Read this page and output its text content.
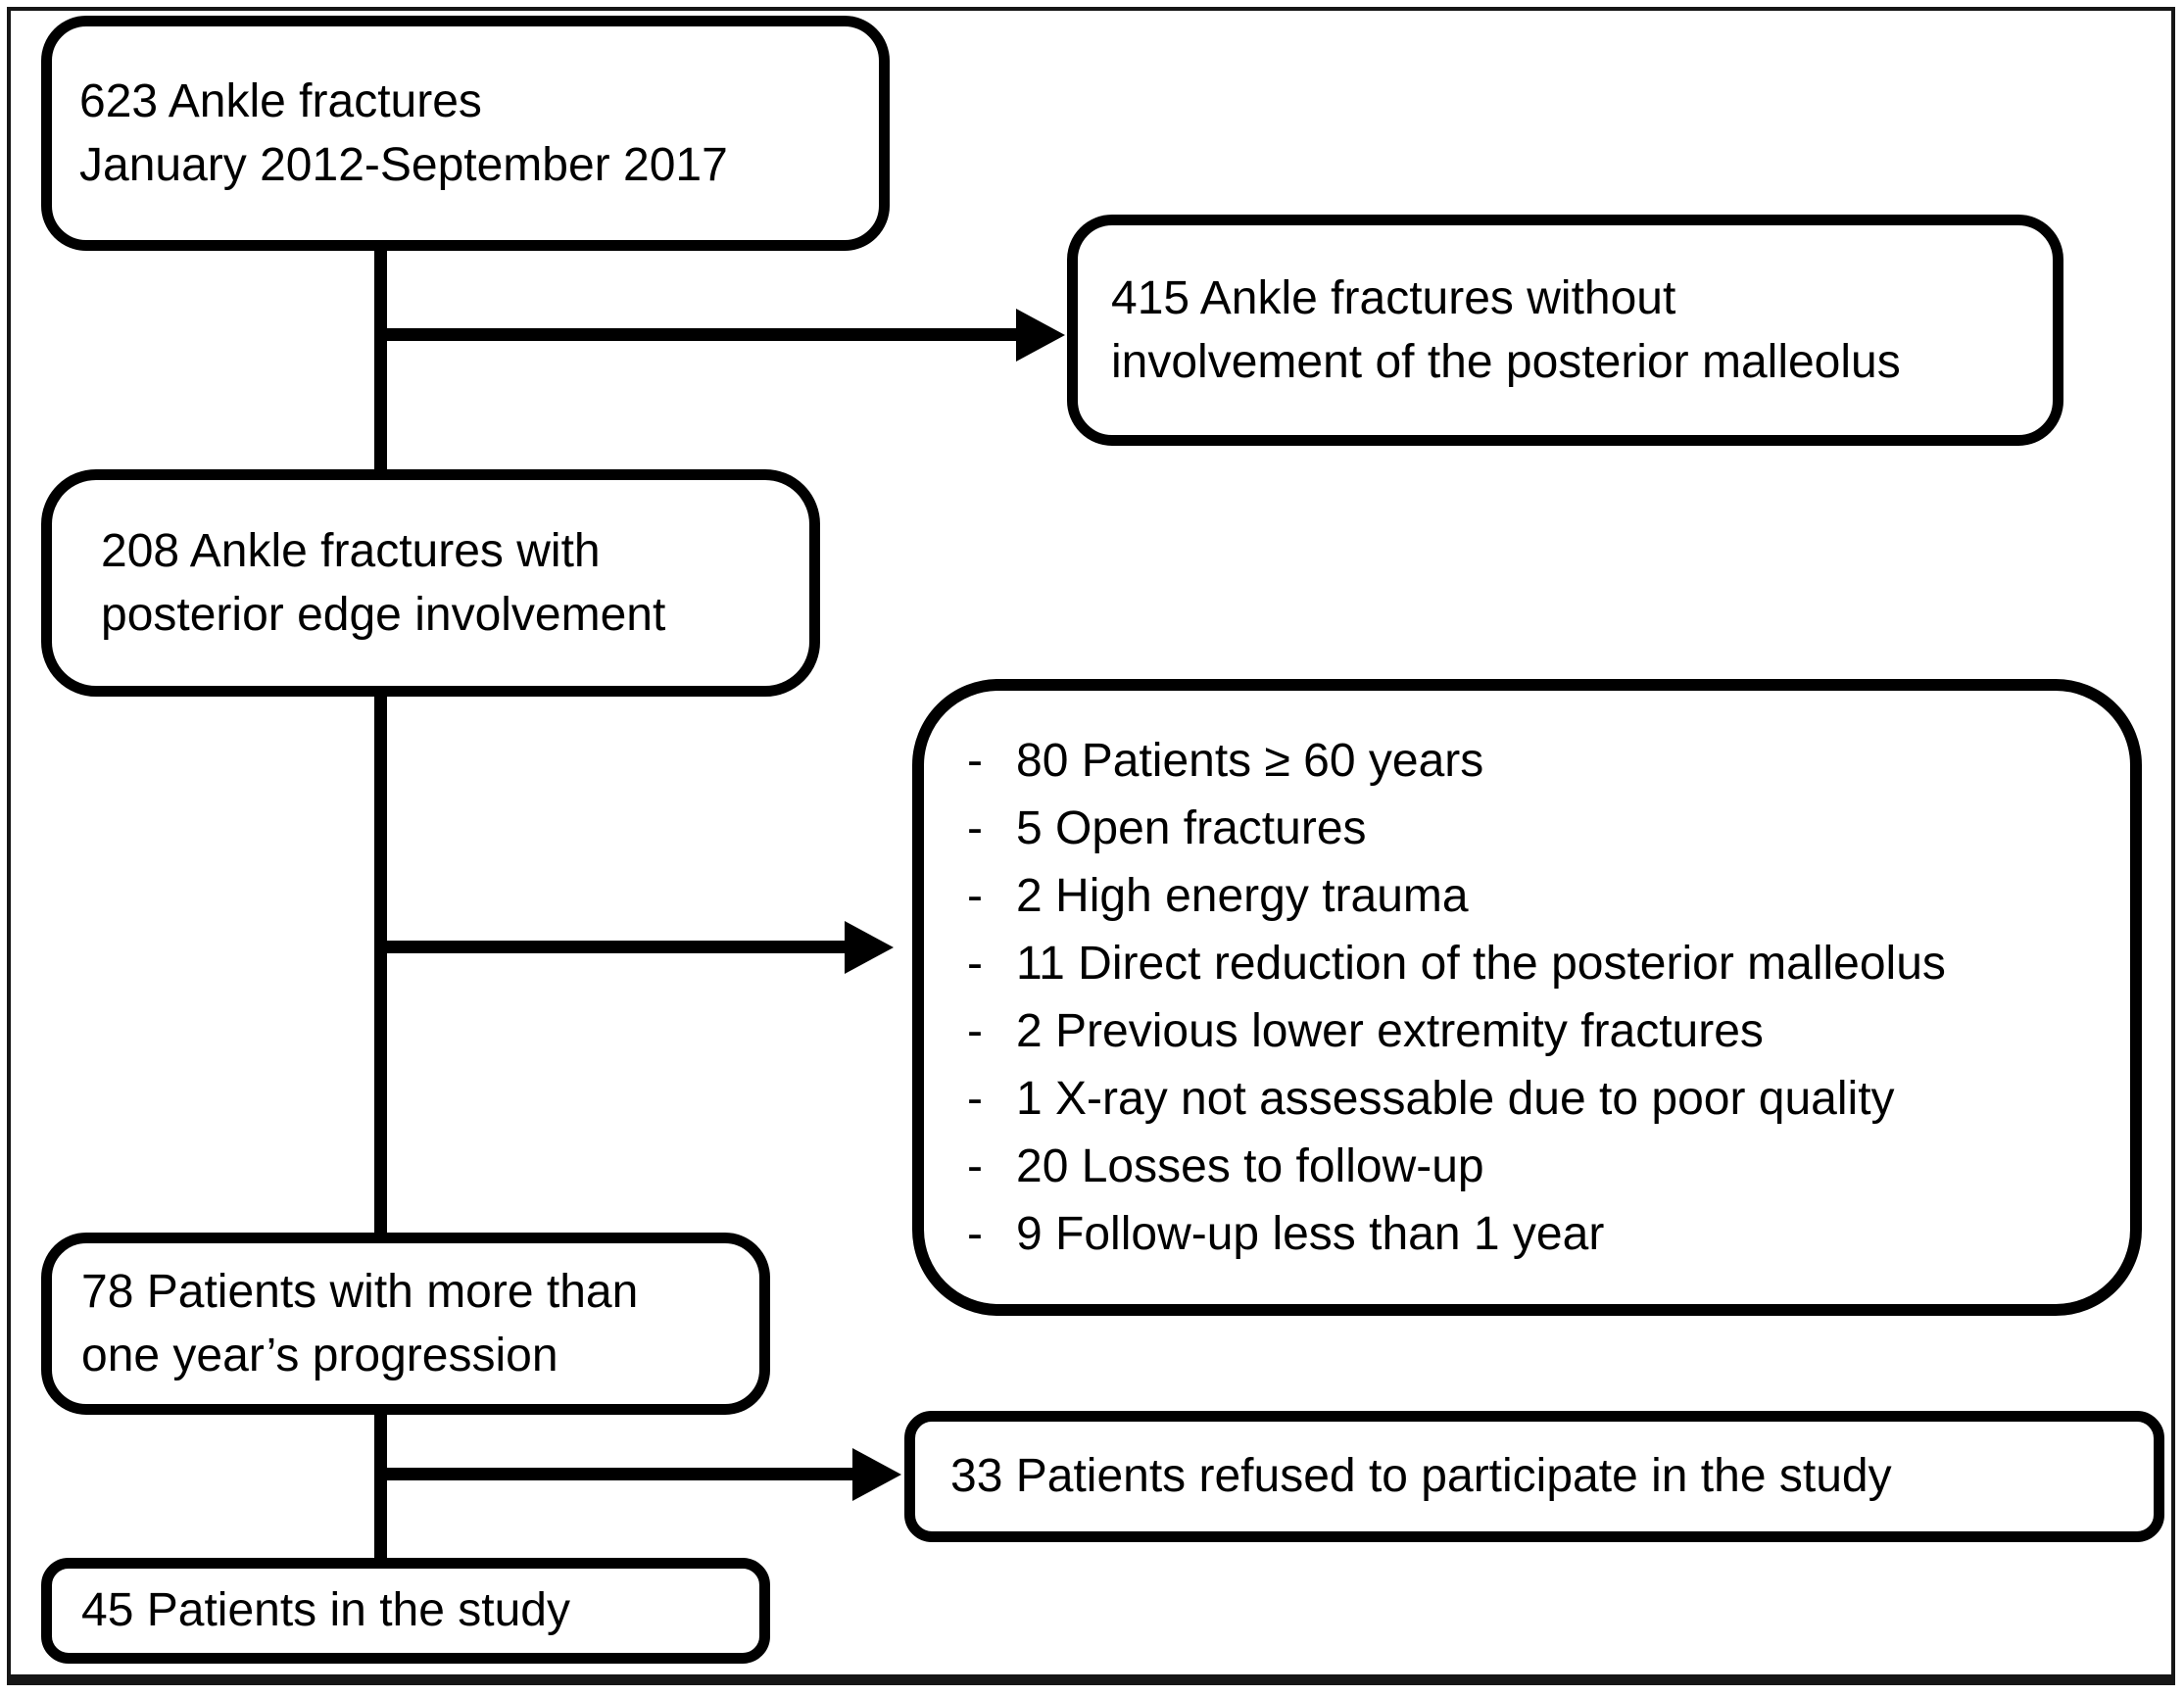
623 Ankle fractures
January 2012-September 2017
415 Ankle fractures without
involvement of the posterior malleolus
208 Ankle fractures with
posterior edge involvement
- 80 Patients ≥ 60 years
- 5 Open fractures
- 2 High energy trauma
- 11 Direct reduction of the posterior malleolus
- 2 Previous lower extremity fractures
- 1 X-ray not assessable due to poor quality
- 20 Losses to follow-up
- 9 Follow-up less than 1 year
78 Patients with more than
one year’s progression
33 Patients refused to participate in the study
45 Patients in the study
